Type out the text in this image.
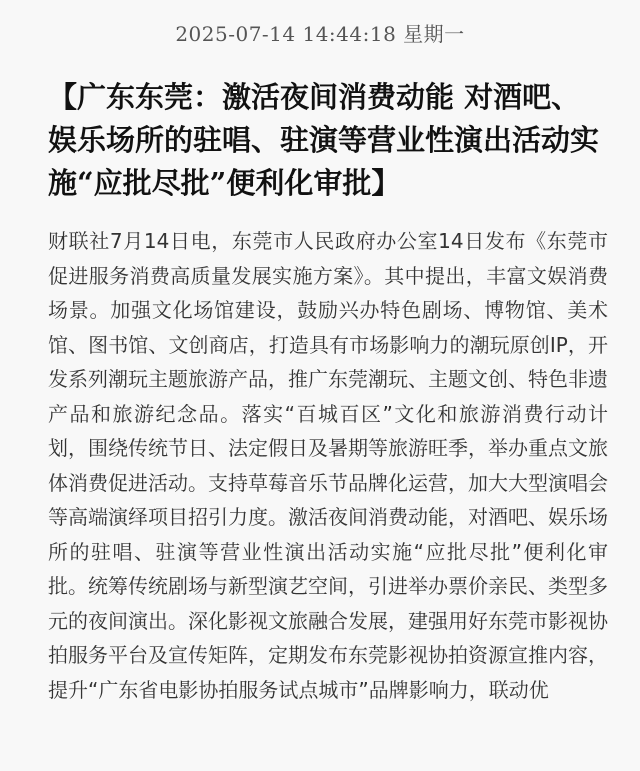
2025-07-14 14:44:18 星期一
【广东东莞：激活夜间消费动能 对酒吧、娱乐场所的驻唱、驻演等营业性演出活动实施“应批尽批”便利化审批】

财联社7月14日电，东莞市人民政府办公室14日发布《东莞市促进服务消费高质量发展实施方案》。其中提出，丰富文娱消费场景。加强文化场馆建设，鼓励兴办特色剧场、博物馆、美术馆、图书馆、文创商店，打造具有市场影响力的潮玩原创IP，开发系列潮玩主题旅游产品，推广东莞潮玩、主题文创、特色非遗产品和旅游纪念品。落实“百城百区”文化和旅游消费行动计划，围绕传统节日、法定假日及暑期等旅游旺季，举办重点文旅体消费促进活动。支持草莓音乐节品牌化运营，加大大型演唱会等高端演绎项目招引力度。激活夜间消费动能，对酒吧、娱乐场所的驻唱、驻演等营业性演出活动实施“应批尽批”便利化审批。统筹传统剧场与新型演艺空间，引进举办票价亲民、类型多元的夜间演出。深化影视文旅融合发展，建强用好东莞市影视协拍服务平台及宣传矩阵，定期发布东莞影视协拍资源宣推内容，提升“广东省电影协拍服务试点城市”品牌影响力，联动优
